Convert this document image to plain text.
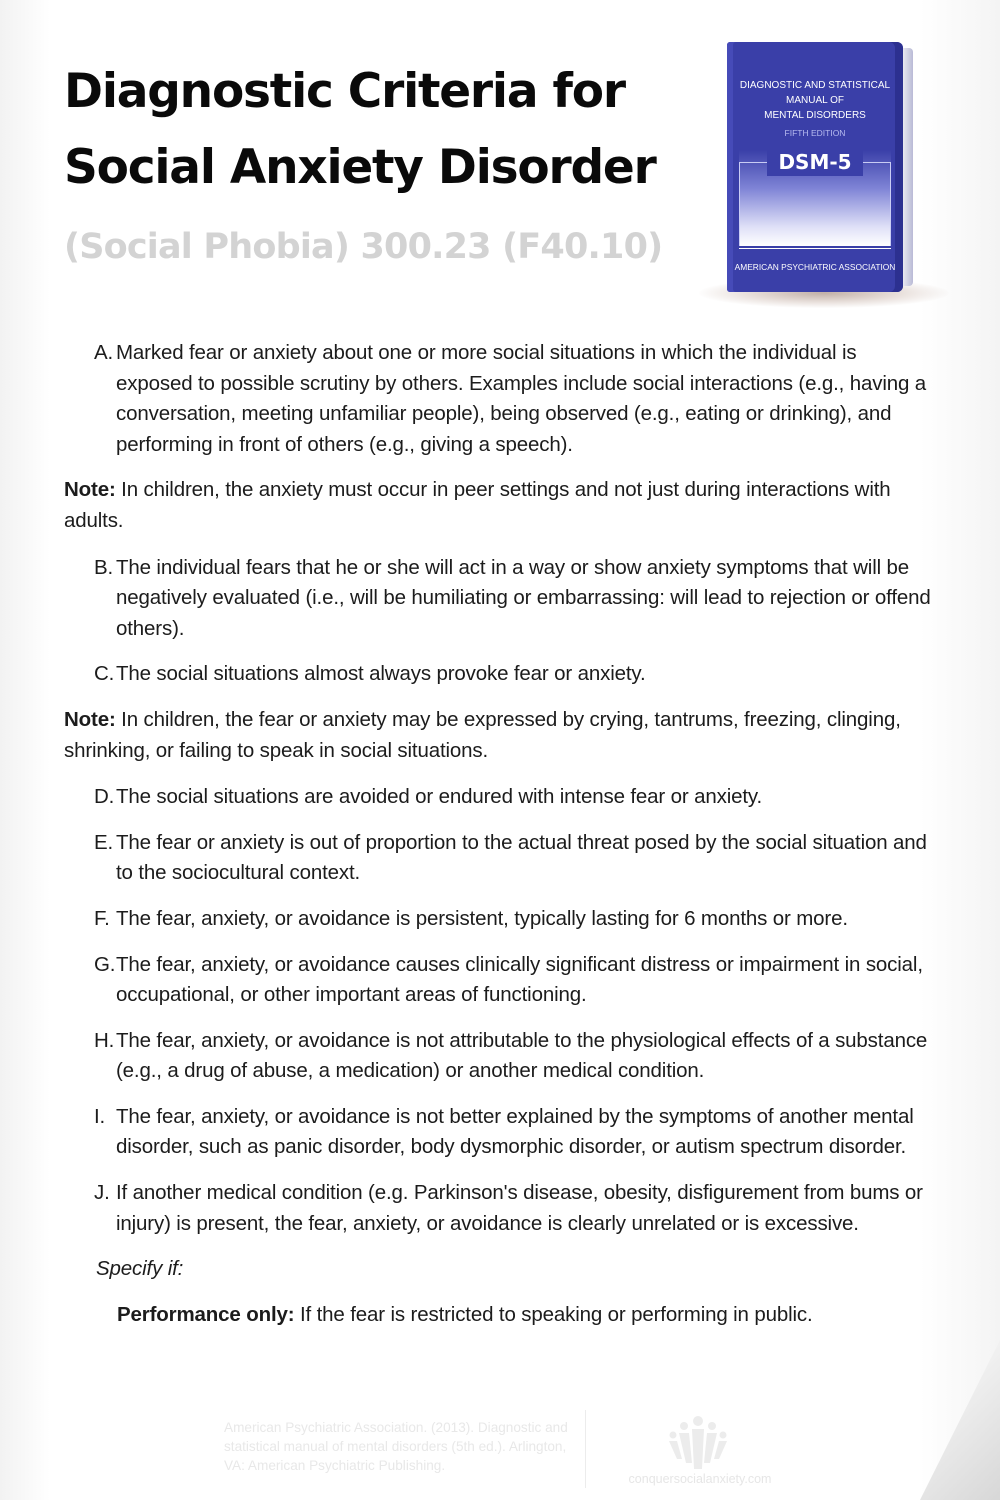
Diagnostic Criteria for Social Anxiety Disorder
(Social Phobia) 300.23 (F40.10)
DIAGNOSTIC AND STATISTICAL
MANUAL OF
MENTAL DISORDERS
FIFTH EDITION
DSM-5
AMERICAN PSYCHIATRIC ASSOCIATION
A. Marked fear or anxiety about one or more social situations in which the individual is exposed to possible scrutiny by others. Examples include social interactions (e.g., having a conversation, meeting unfamiliar people), being observed (e.g., eating or drinking), and performing in front of others (e.g., giving a speech).
Note: In children, the anxiety must occur in peer settings and not just during interactions with adults.
B. The individual fears that he or she will act in a way or show anxiety symptoms that will be negatively evaluated (i.e., will be humiliating or embarrassing: will lead to rejection or offend others).
C. The social situations almost always provoke fear or anxiety.
Note: In children, the fear or anxiety may be expressed by crying, tantrums, freezing, clinging, shrinking, or failing to speak in social situations.
D. The social situations are avoided or endured with intense fear or anxiety.
E. The fear or anxiety is out of proportion to the actual threat posed by the social situation and to the sociocultural context.
F. The fear, anxiety, or avoidance is persistent, typically lasting for 6 months or more.
G. The fear, anxiety, or avoidance causes clinically significant distress or impairment in social, occupational, or other important areas of functioning.
H. The fear, anxiety, or avoidance is not attributable to the physiological effects of a substance (e.g., a drug of abuse, a medication) or another medical condition.
I. The fear, anxiety, or avoidance is not better explained by the symptoms of another mental disorder, such as panic disorder, body dysmorphic disorder, or autism spectrum disorder.
J. If another medical condition (e.g. Parkinson's disease, obesity, disfigurement from bums or injury) is present, the fear, anxiety, or avoidance is clearly unrelated or is excessive.
Specify if:
Performance only: If the fear is restricted to speaking or performing in public.
American Psychiatric Association. (2013). Diagnostic and statistical manual of mental disorders (5th ed.). Arlington, VA: American Psychiatric Publishing.
conquersocialanxiety.com
